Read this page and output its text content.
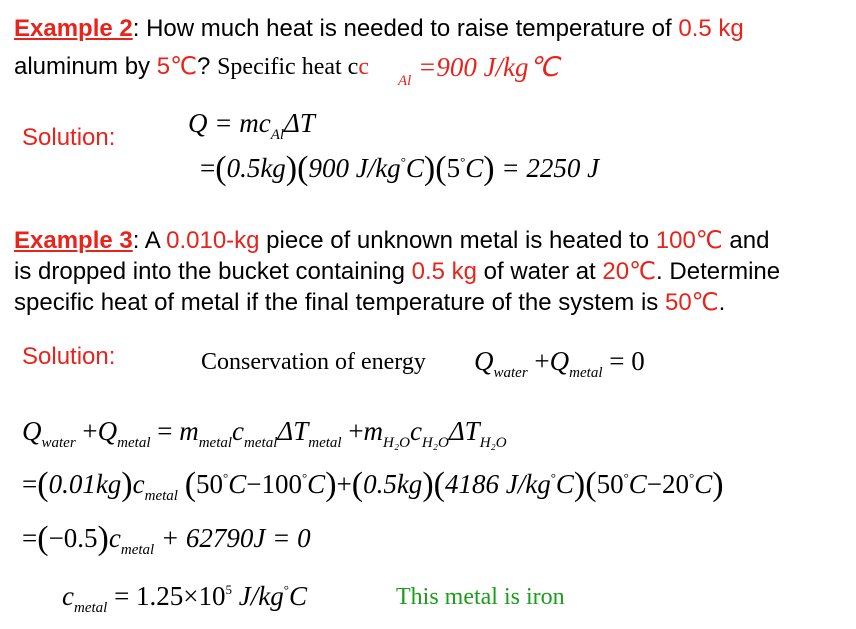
Example 2: How much heat is needed to raise temperature of 0.5 kg
aluminum by 5℃? Specific heat cc
$_{Al}$ =900 J/kg℃
Solution:	$Q = mc_{Al}\Delta T$
=(0.5kg)(900 J/kg°C)(5°C) = 2250 J
Example 3: A 0.010-kg piece of unknown metal is heated to 100℃ and
is dropped into the bucket containing 0.5 kg of water at 20℃. Determine
specific heat of metal if the final temperature of the system is 50℃.
Solution:	Conservation of energy $Q_{water} +Q_{metal} = 0$
$Q_{water} +Q_{metal} = m_{metal}c_{metal}\Delta T_{metal} +m_{H_2O}c_{H_2O}\Delta T_{H_2O}$
$=(0.01kg)c_{metal}$ (50°C−100°C)+(0.5kg)(4186 J/kg°C)(50°C−20°C)
$=(-0.5)c_{metal} + 62790J = 0$
$c_{metal} = 1.25\times 10^5$ J/kg°C	This metal is iron
